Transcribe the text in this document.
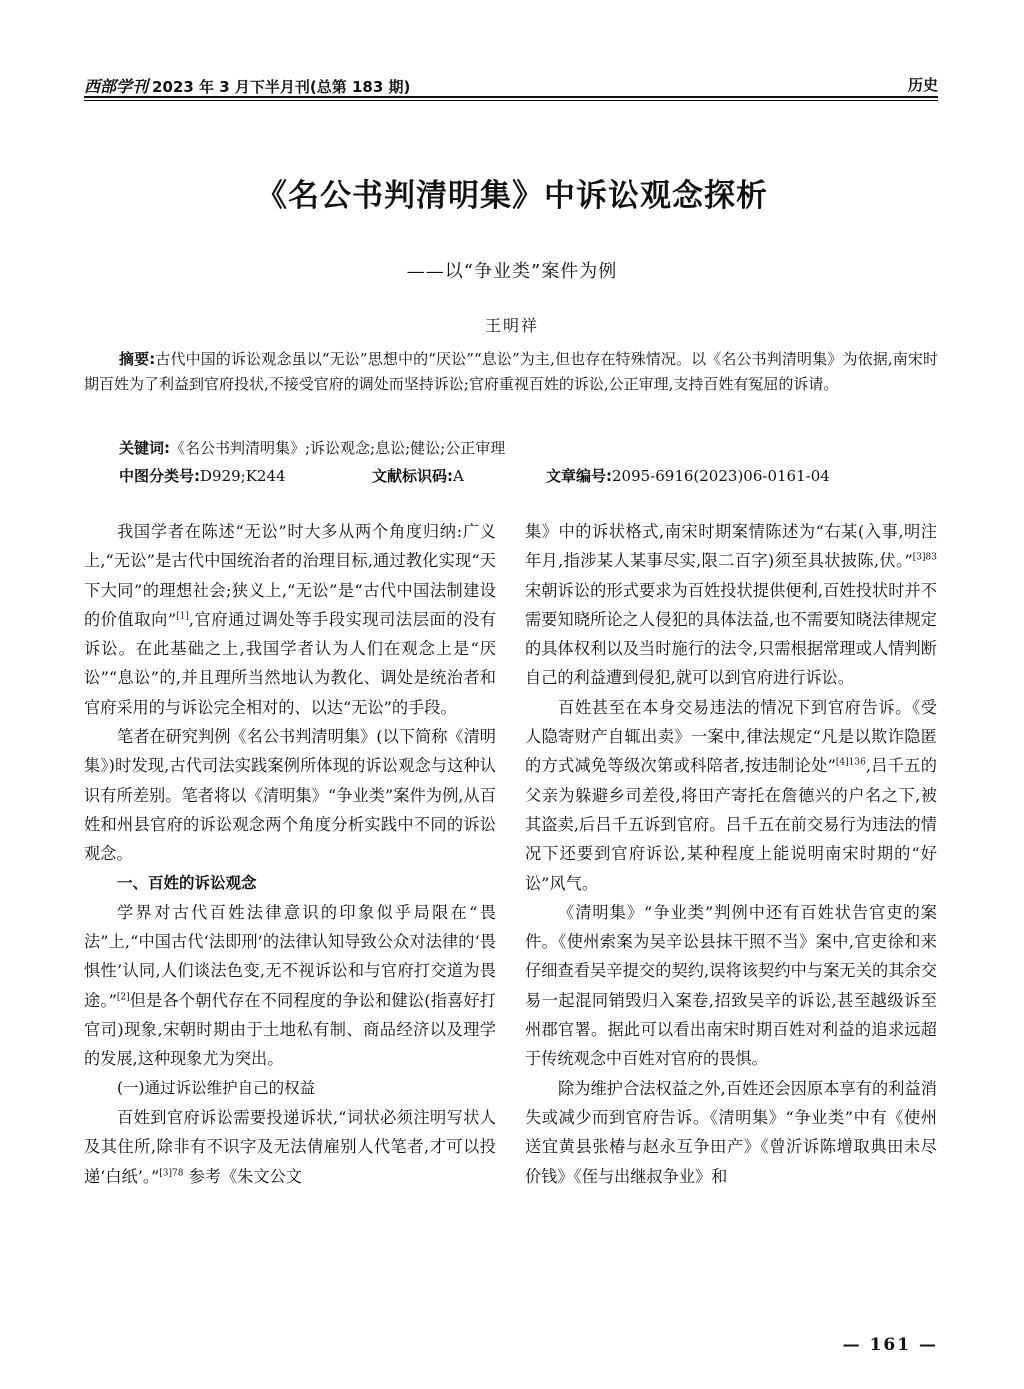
西部学刊 2023 年 3 月下半月刊(总第 183 期)	历史
《名公书判清明集》中诉讼观念探析
——以“争业类”案件为例
王明祥
摘要:古代中国的诉讼观念虽以“无讼”思想中的“厌讼”“息讼”为主,但也存在特殊情况。以《名公书判清明集》为依据,南宋时期百姓为了利益到官府投状,不接受官府的调处而坚持诉讼;官府重视百姓的诉讼,公正审理,支持百姓有冤屈的诉请。
关键词:《名公书判清明集》;诉讼观念;息讼;健讼;公正审理
中图分类号:D929;K244	文献标识码:A	文章编号:2095-6916(2023)06-0161-04

我国学者在陈述“无讼”时大多从两个角度归纳:广义上,“无讼”是古代中国统治者的治理目标,通过教化实现“天下大同”的理想社会;狭义上,“无讼”是“古代中国法制建设的价值取向”[1],官府通过调处等手段实现司法层面的没有诉讼。在此基础之上,我国学者认为人们在观念上是“厌讼”“息讼”的,并且理所当然地认为教化、调处是统治者和官府采用的与诉讼完全相对的、以达“无讼”的手段。

笔者在研究判例《名公书判清明集》(以下简称《清明集》)时发现,古代司法实践案例所体现的诉讼观念与这种认识有所差别。笔者将以《清明集》“争业类”案件为例,从百姓和州县官府的诉讼观念两个角度分析实践中不同的诉讼观念。

一、百姓的诉讼观念

学界对古代百姓法律意识的印象似乎局限在“畏法”上,“中国古代‘法即刑’的法律认知导致公众对法律的‘畏惧性’认同,人们谈法色变,无不视诉讼和与官府打交道为畏途。”[2]但是各个朝代存在不同程度的争讼和健讼(指喜好打官司)现象,宋朝时期由于土地私有制、商品经济以及理学的发展,这种现象尤为突出。

(一)通过诉讼维护自己的权益

百姓到官府诉讼需要投递诉状,“词状必须注明写状人及其住所,除非有不识字及无法倩雇别人代笔者,才可以投递‘白纸’。”$^{[3]78}$ 参考《朱文公文

集》中的诉状格式,南宋时期案情陈述为“右某(入事,明注年月,指涉某人某事尽实,限二百字)须至具状披陈,伏。”$^{[3]83}$ 宋朝诉讼的形式要求为百姓投状提供便利,百姓投状时并不需要知晓所论之人侵犯的具体法益,也不需要知晓法律规定的具体权利以及当时施行的法令,只需根据常理或人情判断自己的利益遭到侵犯,就可以到官府进行诉讼。

百姓甚至在本身交易违法的情况下到官府告诉。《受人隐寄财产自辄出卖》一案中,律法规定“凡是以欺诈隐匿的方式减免等级次第或科陪者,按违制论处”$^{[4]136}$,吕千五的父亲为躲避乡司差役,将田产寄托在詹德兴的户名之下,被其盗卖,后吕千五诉到官府。吕千五在前交易行为违法的情况下还要到官府诉讼,某种程度上能说明南宋时期的“好讼”风气。

《清明集》“争业类”判例中还有百姓状告官吏的案件。《使州索案为吴辛讼县抹干照不当》案中,官吏徐和来仔细查看吴辛提交的契约,误将该契约中与案无关的其余交易一起混同销毁归入案卷,招致吴辛的诉讼,甚至越级诉至州郡官署。据此可以看出南宋时期百姓对利益的追求远超于传统观念中百姓对官府的畏惧。

除为维护合法权益之外,百姓还会因原本享有的利益消失或减少而到官府告诉。《清明集》“争业类”中有《使州送宜黄县张椿与赵永互争田产》《曾沂诉陈增取典田未尽价钱》《侄与出继叔争业》和

— 161 —
